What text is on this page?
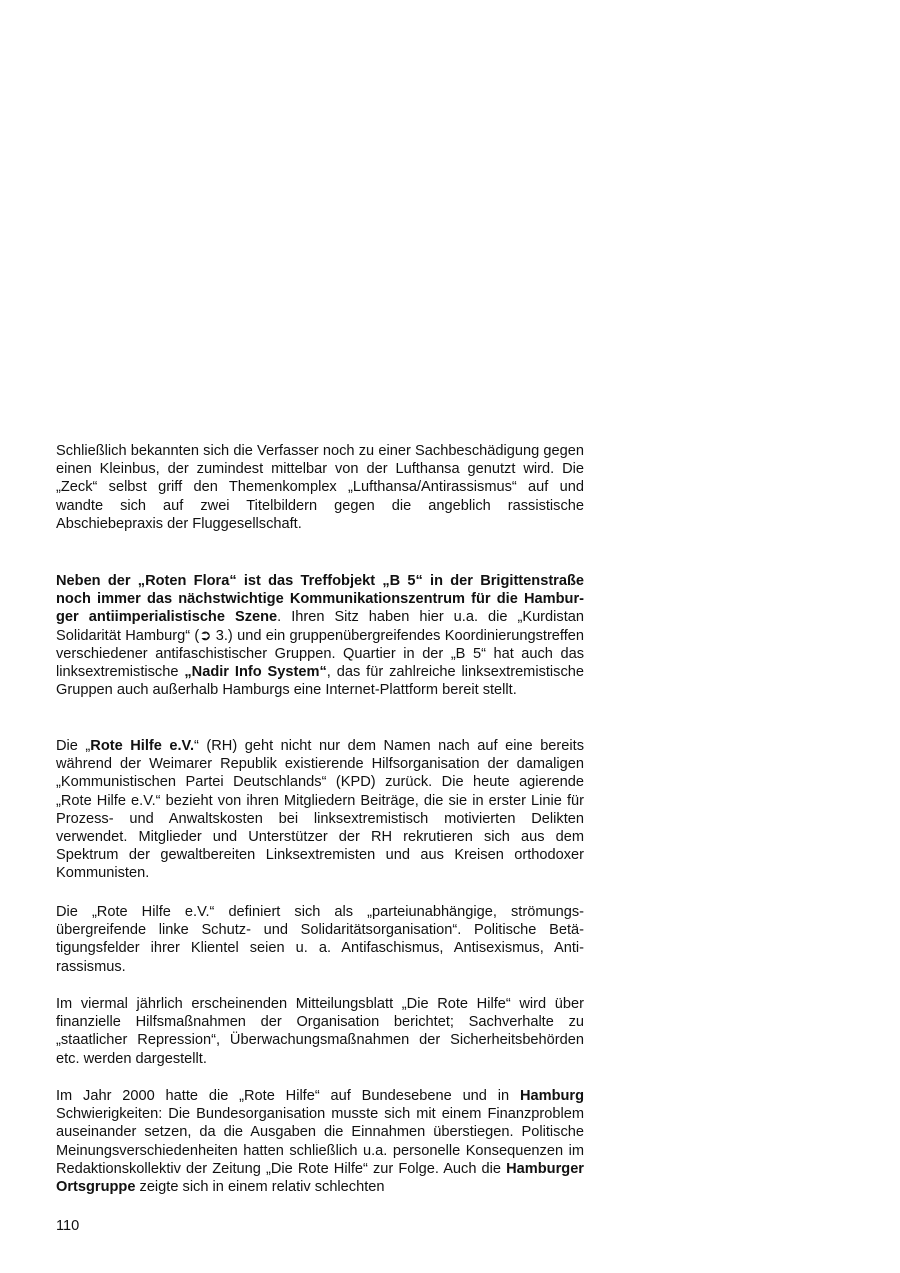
Schließlich bekannten sich die Verfasser noch zu einer Sachbeschädigung gegen einen Kleinbus, der zumindest mittelbar von der Lufthansa genutzt wird. Die „Zeck“ selbst griff den Themenkomplex „Lufthansa/Antirassismus“ auf und wandte sich auf zwei Titelbildern gegen die angeblich rassistische Abschiebepraxis der Fluggesellschaft.

Neben der „Roten Flora“ ist das Treffobjekt „B 5“ in der Brigittenstraße noch immer das nächstwichtige Kommunikationszentrum für die Hamburger antiimperialistische Szene. Ihren Sitz haben hier u.a. die „Kurdistan Solidarität Hamburg“ (➲ 3.) und ein gruppenübergreifendes Koordinierungstreffen verschiedener antifaschistischer Gruppen. Quartier in der „B 5“ hat auch das linksextremistische „Nadir Info System“, das für zahlreiche linksextremistische Gruppen auch außerhalb Hamburgs eine Internet-Plattform bereit stellt.

Die „Rote Hilfe e.V.“ (RH) geht nicht nur dem Namen nach auf eine bereits während der Weimarer Republik existierende Hilfsorganisation der damaligen „Kommunistischen Partei Deutschlands“ (KPD) zurück. Die heute agierende „Rote Hilfe e.V.“ bezieht von ihren Mitgliedern Beiträge, die sie in erster Linie für Prozess- und Anwaltskosten bei linksextremistisch motivierten Delikten verwendet. Mitglieder und Unterstützer der RH rekrutieren sich aus dem Spektrum der gewaltbereiten Linksextremisten und aus Kreisen orthodoxer Kommunisten.

Die „Rote Hilfe e.V.“ definiert sich als „parteiunabhängige, strömungsübergreifende linke Schutz- und Solidaritätsorganisation“. Politische Betätigungsfelder ihrer Klientel seien u. a. Antifaschismus, Antisexismus, Antirassismus.

Im viermal jährlich erscheinenden Mitteilungsblatt „Die Rote Hilfe“ wird über finanzielle Hilfsmaßnahmen der Organisation berichtet; Sachverhalte zu „staatlicher Repression“, Überwachungsmaßnahmen der Sicherheitsbehörden etc. werden dargestellt.

Im Jahr 2000 hatte die „Rote Hilfe“ auf Bundesebene und in Hamburg Schwierigkeiten: Die Bundesorganisation musste sich mit einem Finanzproblem auseinander setzen, da die Ausgaben die Einnahmen überstiegen. Politische Meinungsverschiedenheiten hatten schließlich u.a. personelle Konsequenzen im Redaktionskollektiv der Zeitung „Die Rote Hilfe“ zur Folge. Auch die Hamburger Ortsgruppe zeigte sich in einem relativ schlechten

110
